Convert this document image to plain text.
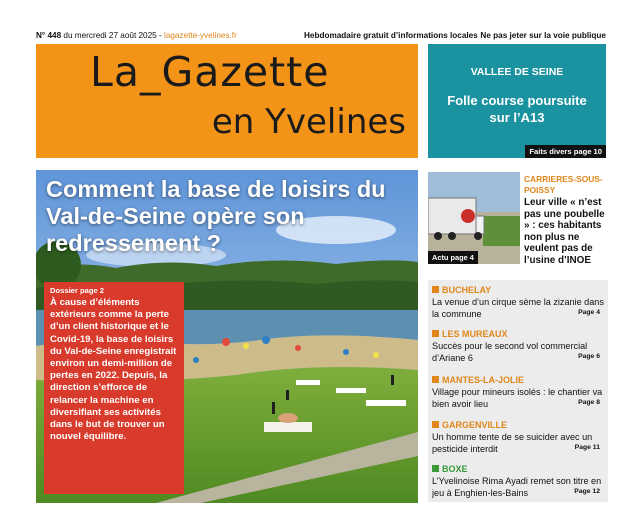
N° 448 du mercredi 27 août 2025 - lagazette-yvelines.fr	Hebdomadaire gratuit d’informations locales Ne pas jeter sur la voie publique
La_Gazette
en Yvelines
VALLEE DE SEINE
Folle course poursuite sur l’A13
Faits divers page 10
Comment la base de loisirs du Val-de-Seine opère son redressement ?
Dossier page 2
À cause d’éléments extérieurs comme la perte d’un client historique et le Covid-19, la base de loisirs du Val-de-Seine enregistrait environ un demi-million de pertes en 2022. Depuis, la direction s’efforce de relancer la machine en diversifiant ses activités dans le but de trouver un nouvel équilibre.
Actu page 4
CARRIERES-SOUS-POISSY
Leur ville « n’est pas une poubelle » : ces habitants non plus ne veulent pas de l’usine d’INOE
BUCHELAY
La venue d’un cirque sème la zizanie dans la commune	Page 4
LES MUREAUX
Succès pour le second vol commercial d’Ariane 6	Page 6
MANTES-LA-JOLIE
Village pour mineurs isolés : le chantier va bien avoir lieu	Page 8
GARGENVILLE
Un homme tente de se suicider avec un pesticide interdit	Page 11
BOXE
L’Yvelinoise Rima Ayadi remet son titre en jeu à Enghien-les-Bains	Page 12
